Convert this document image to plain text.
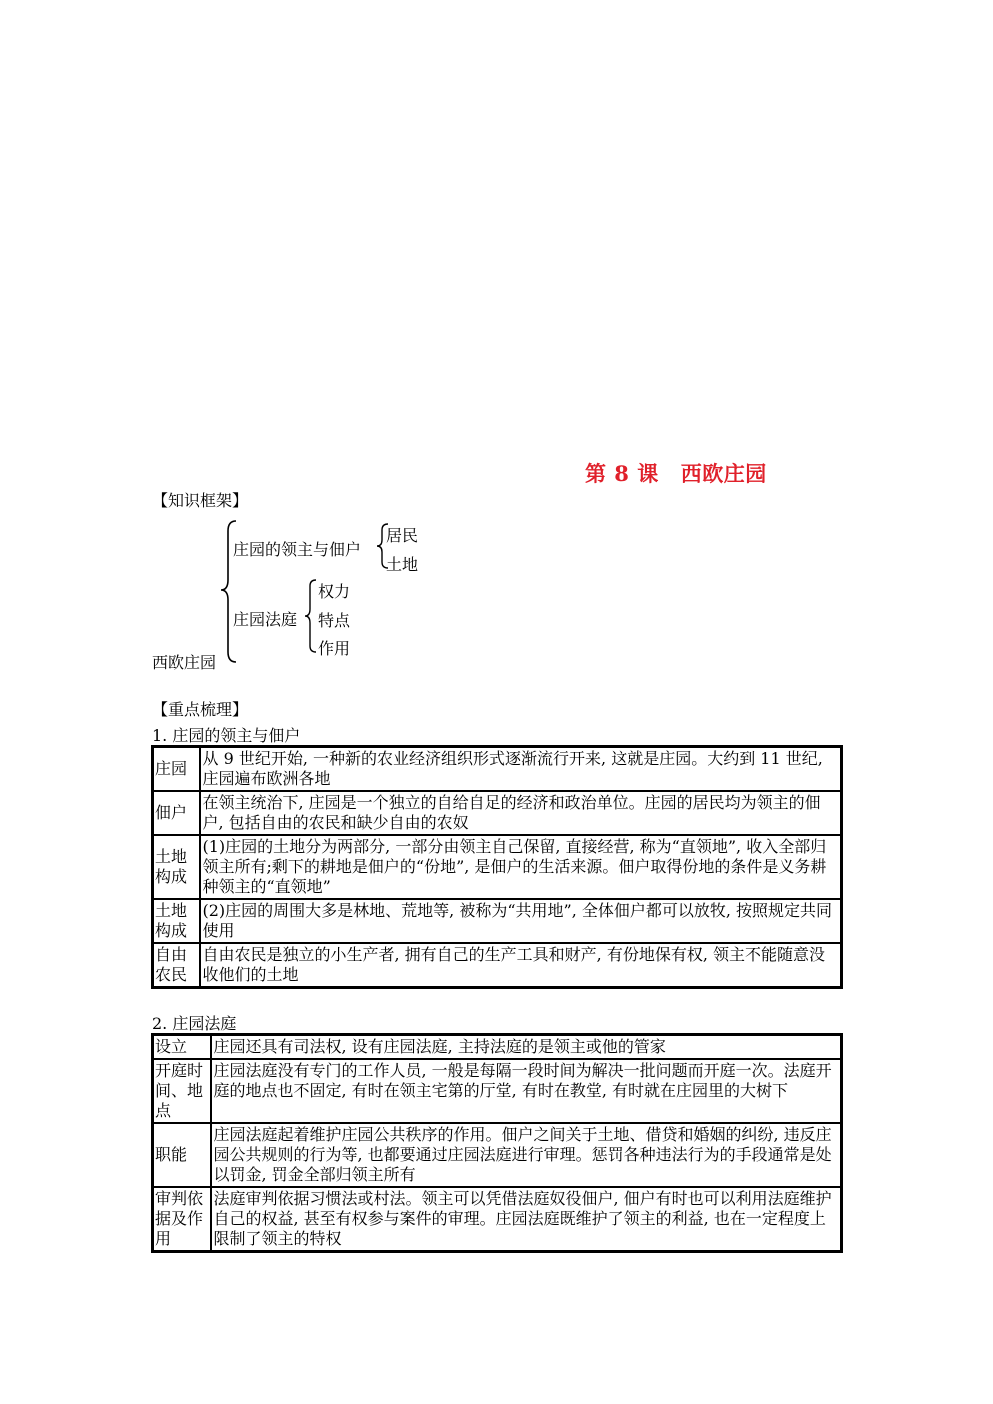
第 8 课 西欧庄园
【知识框架】
庄园的领主与佃户
居民
土地
庄园法庭
权力
特点
作用
西欧庄园
【重点梳理】
1. 庄园的领主与佃户
庄园	从 9 世纪开始, 一种新的农业经济组织形式逐渐流行开来, 这就是庄园。大约到 11 世纪, 庄园遍布欧洲各地
佃户	在领主统治下, 庄园是一个独立的自给自足的经济和政治单位。庄园的居民均为领主的佃户, 包括自由的农民和缺少自由的农奴
土地构成	(1)庄园的土地分为两部分, 一部分由领主自己保留, 直接经营, 称为“直领地”, 收入全部归领主所有;剩下的耕地是佃户的“份地”, 是佃户的生活来源。佃户取得份地的条件是义务耕种领主的“直领地”
土地构成	(2)庄园的周围大多是林地、荒地等, 被称为“共用地”, 全体佃户都可以放牧, 按照规定共同使用
自由农民	自由农民是独立的小生产者, 拥有自己的生产工具和财产, 有份地保有权, 领主不能随意没收他们的土地
2. 庄园法庭
设立	庄园还具有司法权, 设有庄园法庭, 主持法庭的是领主或他的管家
开庭时间、地点	庄园法庭没有专门的工作人员, 一般是每隔一段时间为解决一批问题而开庭一次。法庭开庭的地点也不固定, 有时在领主宅第的厅堂, 有时在教堂, 有时就在庄园里的大树下
职能	庄园法庭起着维护庄园公共秩序的作用。佃户之间关于土地、借贷和婚姻的纠纷, 违反庄园公共规则的行为等, 也都要通过庄园法庭进行审理。惩罚各种违法行为的手段通常是处以罚金, 罚金全部归领主所有
审判依据及作用	法庭审判依据习惯法或村法。领主可以凭借法庭奴役佃户, 佃户有时也可以利用法庭维护自己的权益, 甚至有权参与案件的审理。庄园法庭既维护了领主的利益, 也在一定程度上限制了领主的特权
